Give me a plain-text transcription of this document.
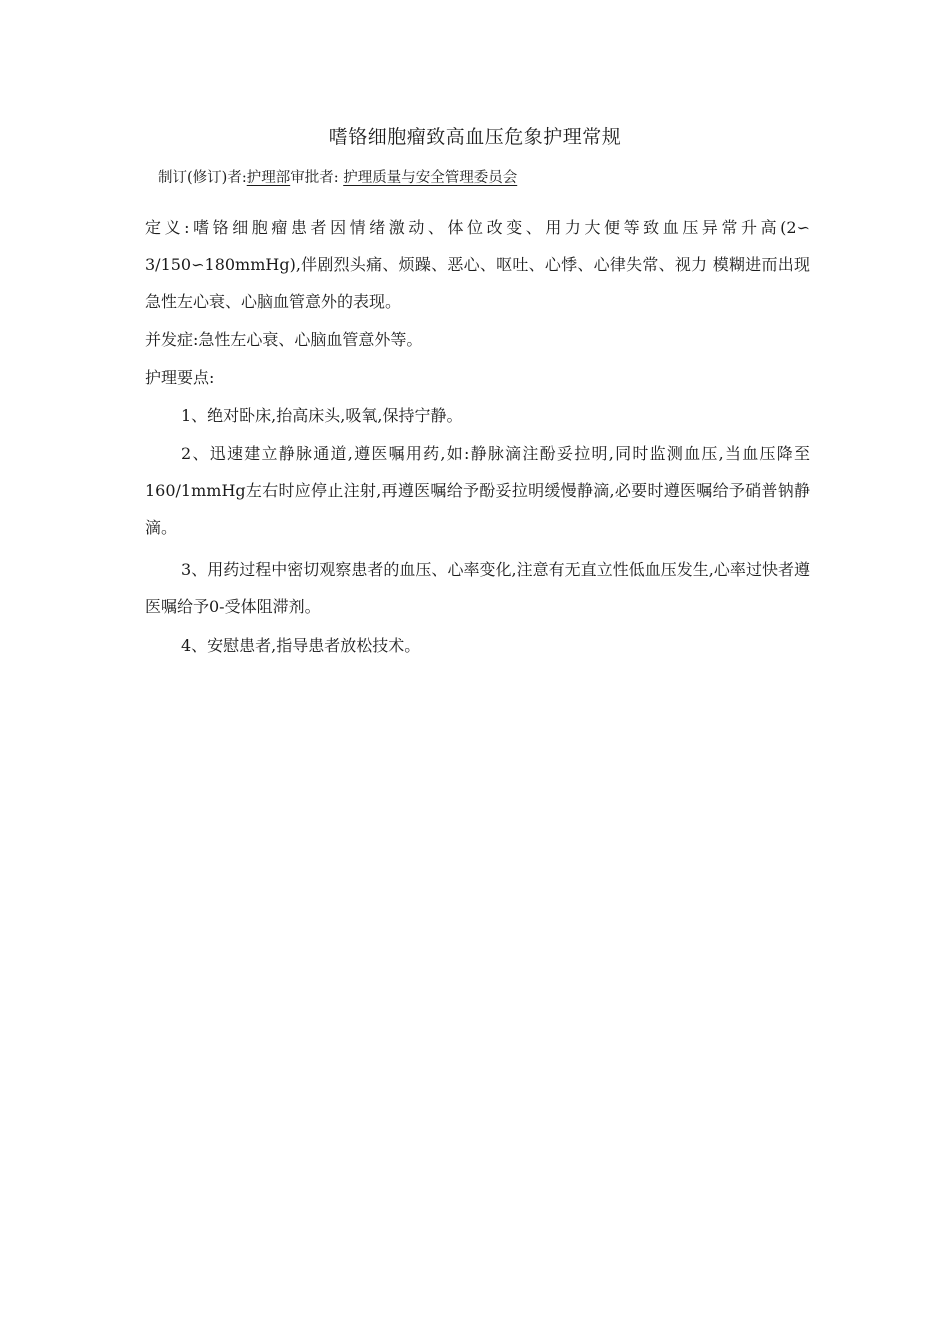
嗜铬细胞瘤致高血压危象护理常规
制订(修订)者:护理部审批者: 护理质量与安全管理委员会
定义:嗜铬细胞瘤患者因情绪激动、体位改变、用力大便等致血压异常升高(2∽ 3/150∽180mmHg),伴剧烈头痛、烦躁、恶心、呕吐、心悸、心律失常、视力 模糊进而出现急性左心衰、心脑血管意外的表现。
并发症:急性左心衰、心脑血管意外等。
护理要点:
1、绝对卧床,抬高床头,吸氧,保持宁静。
2、迅速建立静脉通道,遵医嘱用药,如:静脉滴注酚妥拉明,同时监测血压,当血压降至160/1mmHg左右时应停止注射,再遵医嘱给予酚妥拉明缓慢静滴,必要时遵医嘱给予硝普钠静滴。
3、用药过程中密切观察患者的血压、心率变化,注意有无直立性低血压发生,心率过快者遵医嘱给予0-受体阻滞剂。
4、安慰患者,指导患者放松技术。
